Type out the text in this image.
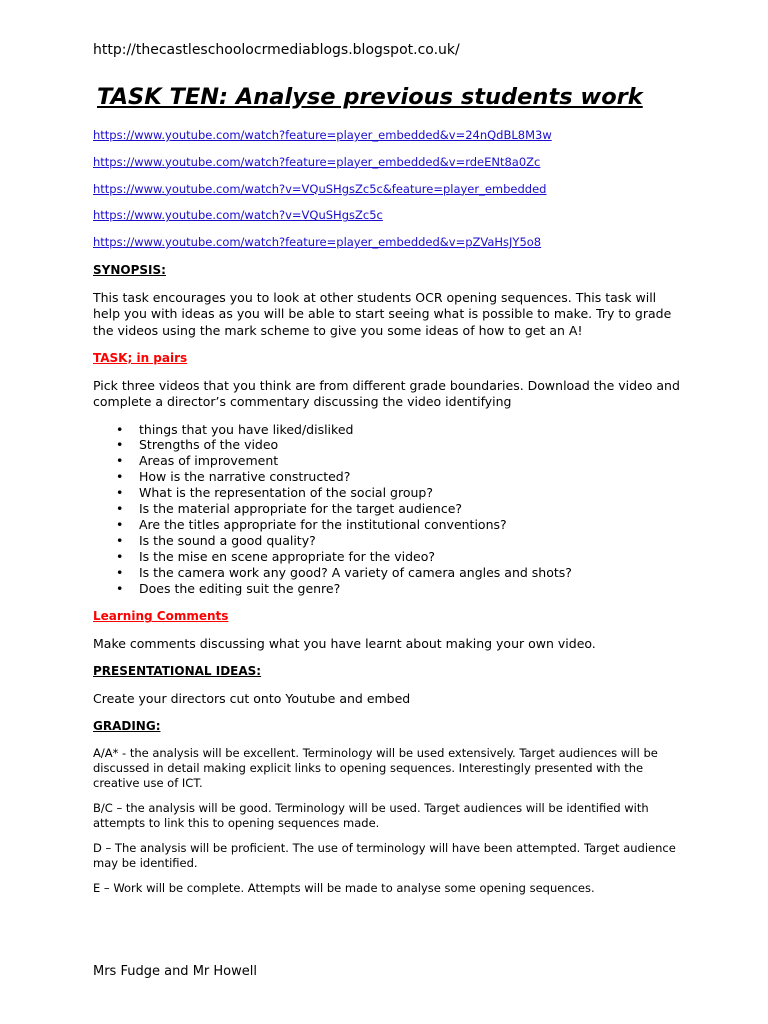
http://thecastleschoolocrmediablogs.blogspot.co.uk/
TASK TEN: Analyse previous students work
https://www.youtube.com/watch?feature=player_embedded&v=24nQdBL8M3w
https://www.youtube.com/watch?feature=player_embedded&v=rdeENt8a0Zc
https://www.youtube.com/watch?v=VQuSHgsZc5c&feature=player_embedded
https://www.youtube.com/watch?v=VQuSHgsZc5c
https://www.youtube.com/watch?feature=player_embedded&v=pZVaHsJY5o8
SYNOPSIS:
This task encourages you to look at other students OCR opening sequences. This task will help you with ideas as you will be able to start seeing what is possible to make. Try to grade the videos using the mark scheme to give you some ideas of how to get an A!
TASK; in pairs
Pick three videos that you think are from different grade boundaries. Download the video and complete a director’s commentary discussing the video identifying
• things that you have liked/disliked
• Strengths of the video
• Areas of improvement
• How is the narrative constructed?
• What is the representation of the social group?
• Is the material appropriate for the target audience?
• Are the titles appropriate for the institutional conventions?
• Is the sound a good quality?
• Is the mise en scene appropriate for the video?
• Is the camera work any good? A variety of camera angles and shots?
• Does the editing suit the genre?
Learning Comments
Make comments discussing what you have learnt about making your own video.
PRESENTATIONAL IDEAS:
Create your directors cut onto Youtube and embed
GRADING:
A/A* - the analysis will be excellent. Terminology will be used extensively. Target audiences will be discussed in detail making explicit links to opening sequences. Interestingly presented with the creative use of ICT.
B/C – the analysis will be good. Terminology will be used. Target audiences will be identified with attempts to link this to opening sequences made.
D – The analysis will be proficient. The use of terminology will have been attempted. Target audience may be identified.
E – Work will be complete. Attempts will be made to analyse some opening sequences.
Mrs Fudge and Mr Howell
